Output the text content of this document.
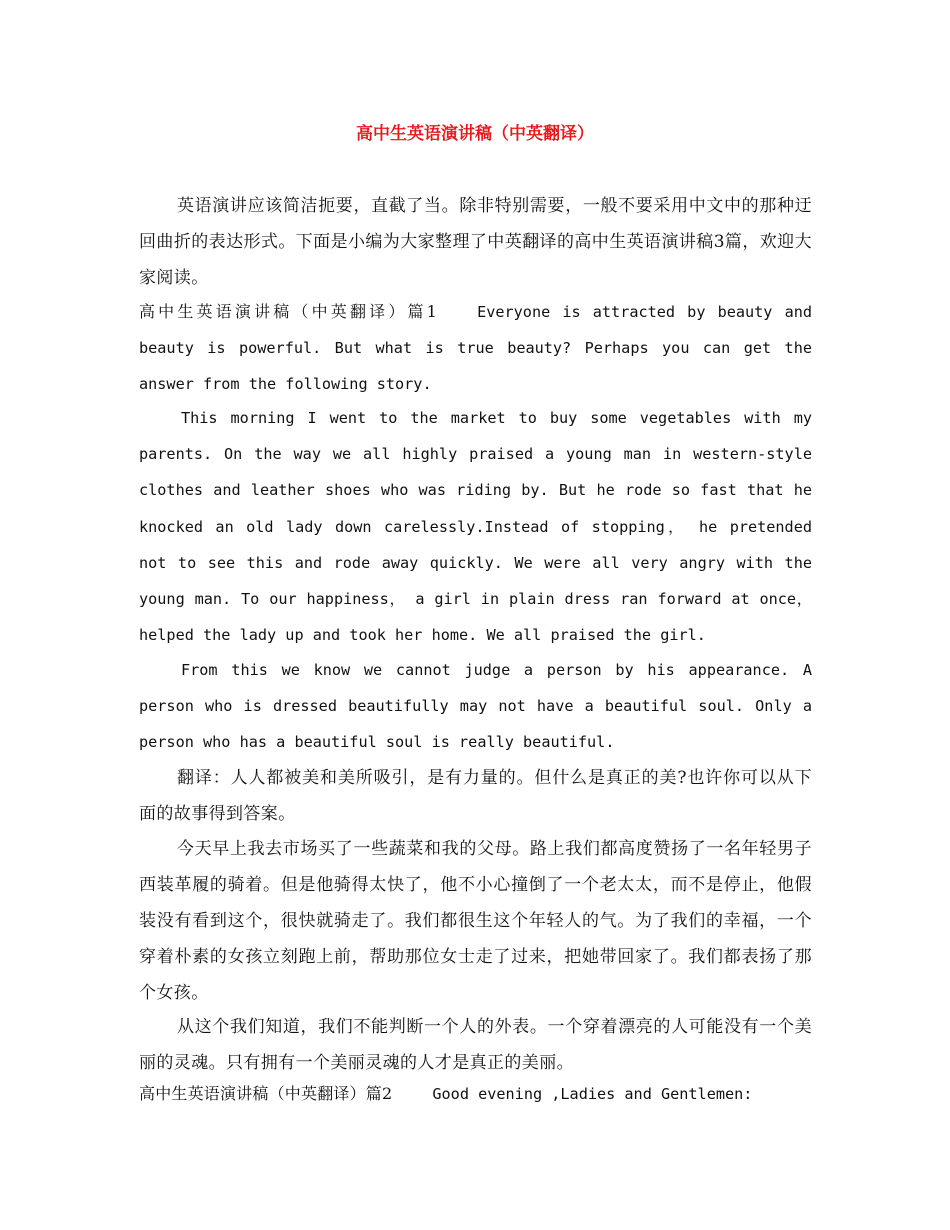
高中生英语演讲稿（中英翻译）

英语演讲应该简洁扼要，直截了当。除非特别需要，一般不要采用中文中的那种迂回曲折的表达形式。下面是小编为大家整理了中英翻译的高中生英语演讲稿3篇，欢迎大家阅读。

高中生英语演讲稿（中英翻译）篇1	Everyone is attracted by beauty and beauty is powerful. But what is true beauty? Perhaps you can get the answer from the following story.

This morning I went to the market to buy some vegetables with my parents. On the way we all highly praised a young man in western-style clothes and leather shoes who was riding by. But he rode so fast that he knocked an old lady down carelessly.Instead of stopping， he pretended not to see this and rode away quickly. We were all very angry with the young man. To our happiness， a girl in plain dress ran forward at once， helped the lady up and took her home. We all praised the girl.

From this we know we cannot judge a person by his appearance. A person who is dressed beautifully may not have a beautiful soul. Only a person who has a beautiful soul is really beautiful.

翻译：人人都被美和美所吸引，是有力量的。但什么是真正的美?也许你可以从下面的故事得到答案。

今天早上我去市场买了一些蔬菜和我的父母。路上我们都高度赞扬了一名年轻男子西装革履的骑着。但是他骑得太快了，他不小心撞倒了一个老太太，而不是停止，他假装没有看到这个，很快就骑走了。我们都很生这个年轻人的气。为了我们的幸福，一个穿着朴素的女孩立刻跑上前，帮助那位女士走了过来，把她带回家了。我们都表扬了那个女孩。

从这个我们知道，我们不能判断一个人的外表。一个穿着漂亮的人可能没有一个美丽的灵魂。只有拥有一个美丽灵魂的人才是真正的美丽。

高中生英语演讲稿（中英翻译）篇2	Good evening ,Ladies and Gentlemen:
